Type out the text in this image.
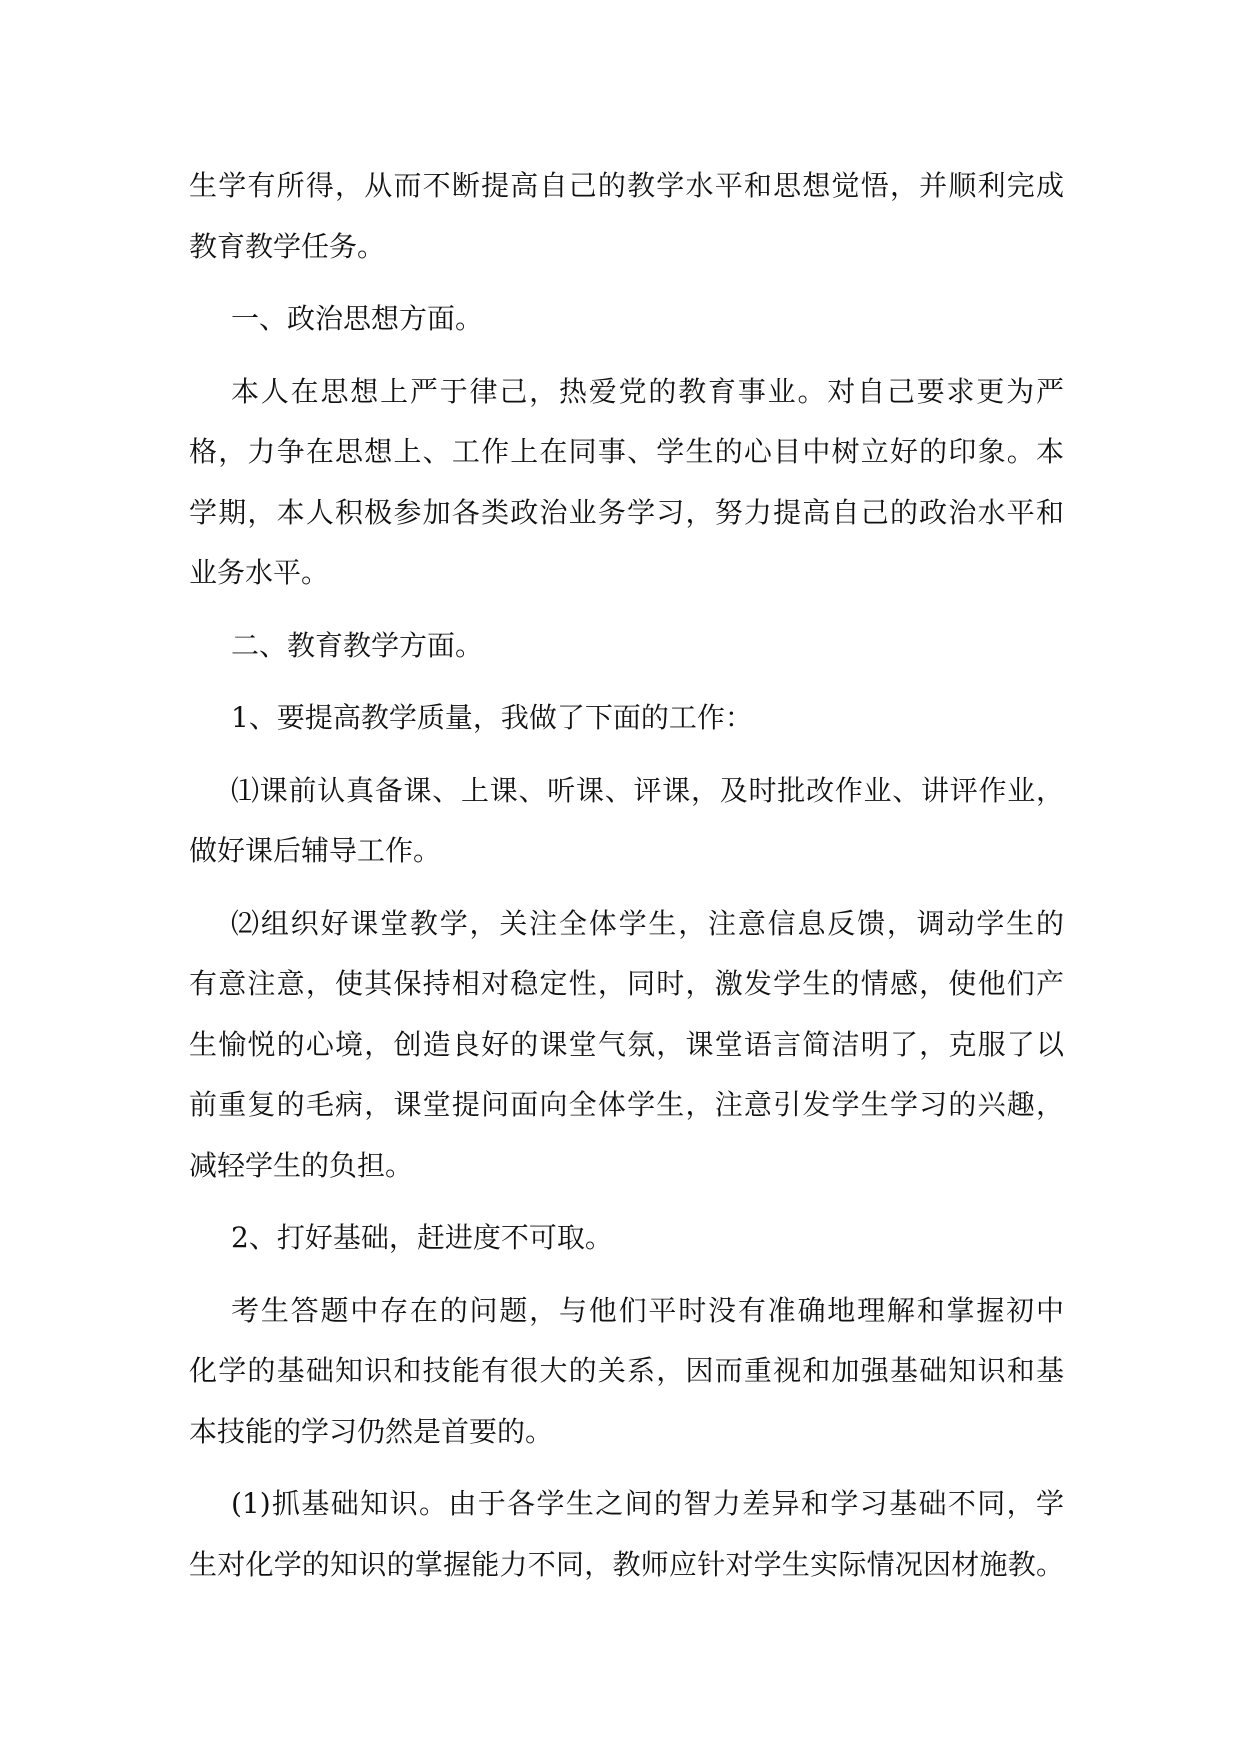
生学有所得，从而不断提高自己的教学水平和思想觉悟，并顺利完成
教育教学任务。
一、政治思想方面。
本人在思想上严于律己，热爱党的教育事业。对自己要求更为严
格，力争在思想上、工作上在同事、学生的心目中树立好的印象。本
学期，本人积极参加各类政治业务学习，努力提高自己的政治水平和
业务水平。
二、教育教学方面。
1、要提高教学质量，我做了下面的工作：
⑴课前认真备课、上课、听课、评课，及时批改作业、讲评作业，
做好课后辅导工作。
⑵组织好课堂教学，关注全体学生，注意信息反馈，调动学生的
有意注意，使其保持相对稳定性，同时，激发学生的情感，使他们产
生愉悦的心境，创造良好的课堂气氛，课堂语言简洁明了，克服了以
前重复的毛病，课堂提问面向全体学生，注意引发学生学习的兴趣，
减轻学生的负担。
2、打好基础，赶进度不可取。
考生答题中存在的问题，与他们平时没有准确地理解和掌握初中
化学的基础知识和技能有很大的关系，因而重视和加强基础知识和基
本技能的学习仍然是首要的。
(1)抓基础知识。由于各学生之间的智力差异和学习基础不同，学
生对化学的知识的掌握能力不同，教师应针对学生实际情况因材施教。
